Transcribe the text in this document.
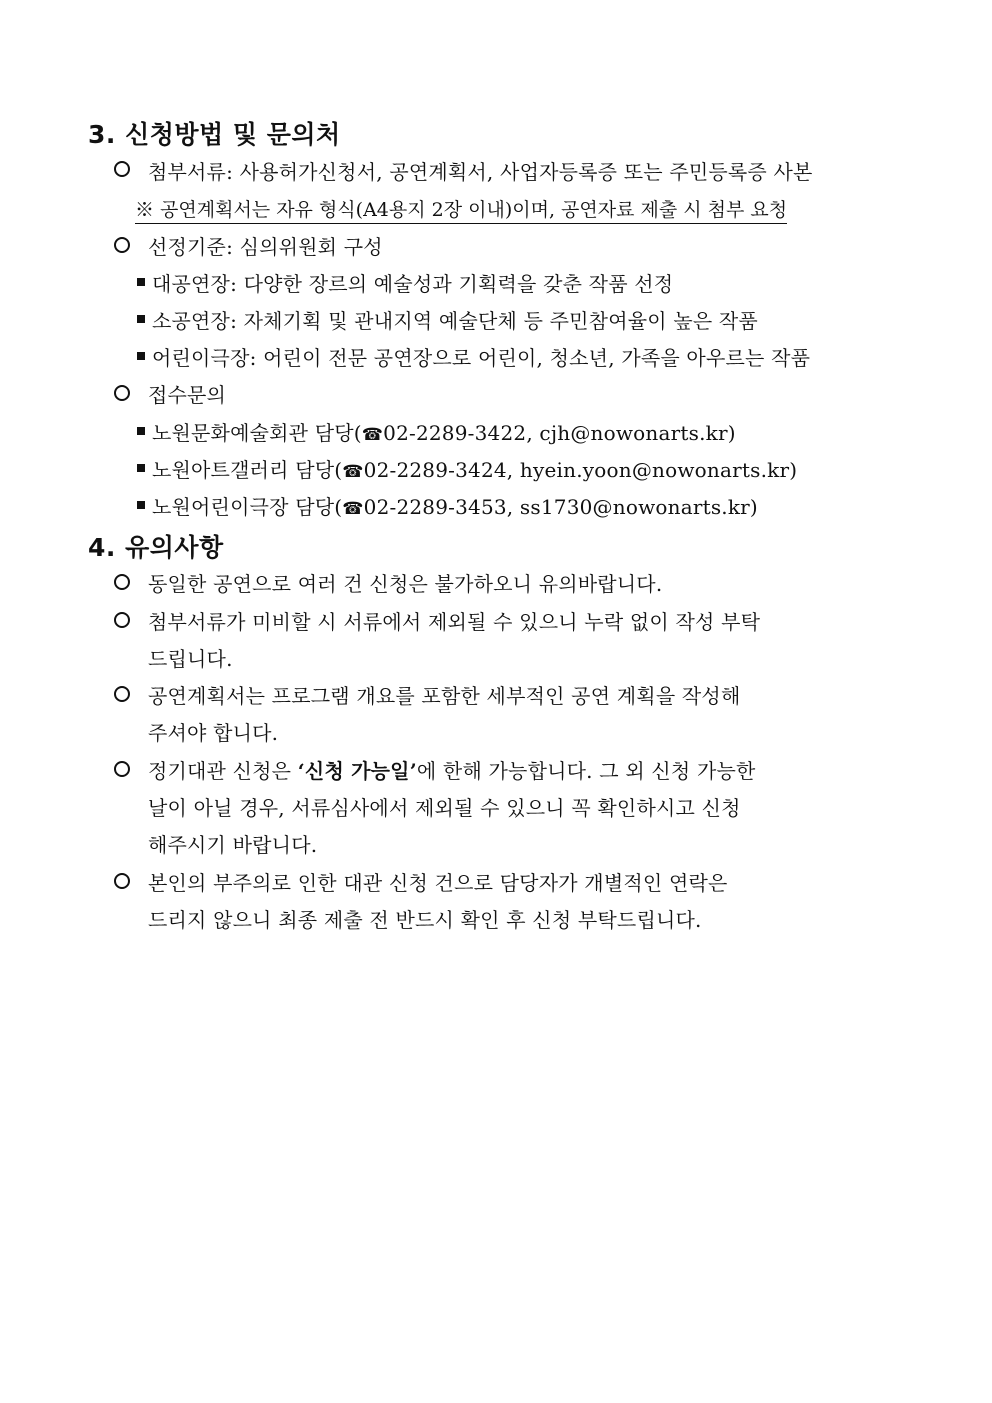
3. 신청방법 및 문의처
첨부서류: 사용허가신청서, 공연계획서, 사업자등록증 또는 주민등록증 사본
※ 공연계획서는 자유 형식(A4용지 2장 이내)이며, 공연자료 제출 시 첨부 요청
선정기준: 심의위원회 구성
대공연장: 다양한 장르의 예술성과 기획력을 갖춘 작품 선정
소공연장: 자체기획 및 관내지역 예술단체 등 주민참여율이 높은 작품
어린이극장: 어린이 전문 공연장으로 어린이, 청소년, 가족을 아우르는 작품
접수문의
노원문화예술회관 담당(☎02-2289-3422, cjh@nowonarts.kr)
노원아트갤러리 담당(☎02-2289-3424, hyein.yoon@nowonarts.kr)
노원어린이극장 담당(☎02-2289-3453, ss1730@nowonarts.kr)
4. 유의사항
동일한 공연으로 여러 건 신청은 불가하오니 유의바랍니다.
첨부서류가 미비할 시 서류에서 제외될 수 있으니 누락 없이 작성 부탁
드립니다.
공연계획서는 프로그램 개요를 포함한 세부적인 공연 계획을 작성해
주셔야 합니다.
정기대관 신청은 ‘신청 가능일’에 한해 가능합니다. 그 외 신청 가능한
날이 아닐 경우, 서류심사에서 제외될 수 있으니 꼭 확인하시고 신청
해주시기 바랍니다.
본인의 부주의로 인한 대관 신청 건으로 담당자가 개별적인 연락은
드리지 않으니 최종 제출 전 반드시 확인 후 신청 부탁드립니다.
